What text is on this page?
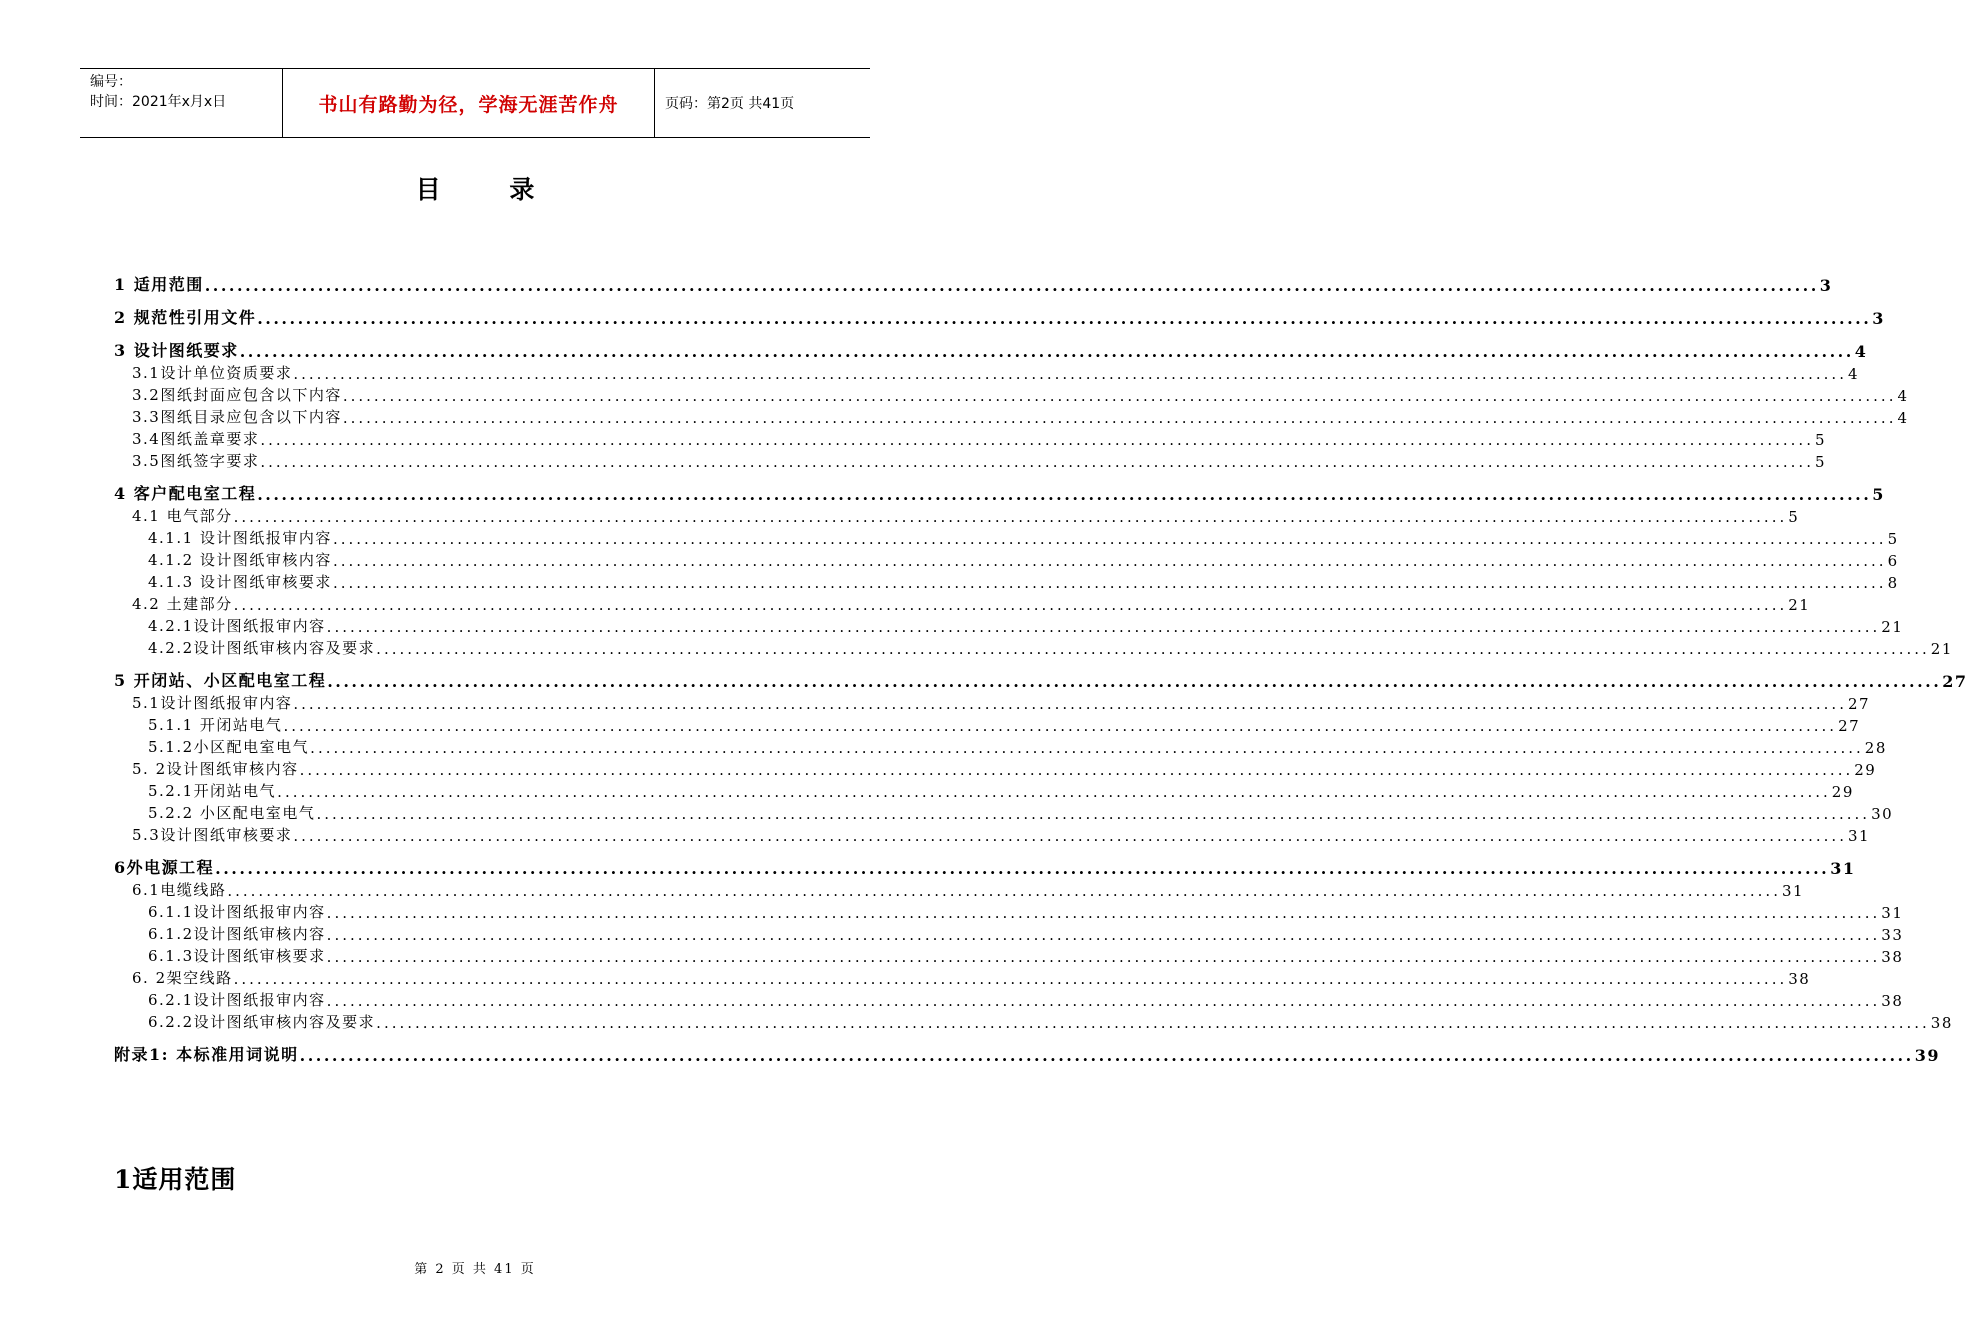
编号：
时间：2021年x月x日	书山有路勤为径，学海无涯苦作舟	页码：第2页 共41页
目 录
1 适用范围 ........................................................................................................................................................................................................ 3
2 规范性引用文件 ........................................................................................................................................................................................................ 3
3 设计图纸要求 ........................................................................................................................................................................................................ 4
3.1设计单位资质要求 ........................................................................................................................................................................................................ 4
3.2图纸封面应包含以下内容 ........................................................................................................................................................................................................ 4
3.3图纸目录应包含以下内容 ........................................................................................................................................................................................................ 4
3.4图纸盖章要求 ........................................................................................................................................................................................................ 5
3.5图纸签字要求 ........................................................................................................................................................................................................ 5
4 客户配电室工程 ........................................................................................................................................................................................................ 5
4.1 电气部分 ........................................................................................................................................................................................................ 5
4.1.1 设计图纸报审内容 ........................................................................................................................................................................................................ 5
4.1.2 设计图纸审核内容 ........................................................................................................................................................................................................ 6
4.1.3 设计图纸审核要求 ........................................................................................................................................................................................................ 8
4.2 土建部分 ........................................................................................................................................................................................................ 21
4.2.1设计图纸报审内容 ........................................................................................................................................................................................................ 21
4.2.2设计图纸审核内容及要求 ........................................................................................................................................................................................................ 21
5 开闭站、小区配电室工程 ........................................................................................................................................................................................................ 27
5.1设计图纸报审内容 ........................................................................................................................................................................................................ 27
5.1.1 开闭站电气 ........................................................................................................................................................................................................ 27
5.1.2小区配电室电气 ........................................................................................................................................................................................................ 28
5. 2设计图纸审核内容 ........................................................................................................................................................................................................ 29
5.2.1开闭站电气 ........................................................................................................................................................................................................ 29
5.2.2 小区配电室电气 ........................................................................................................................................................................................................ 30
5.3设计图纸审核要求 ........................................................................................................................................................................................................ 31
6外电源工程 ........................................................................................................................................................................................................ 31
6.1电缆线路 ........................................................................................................................................................................................................ 31
6.1.1设计图纸报审内容 ........................................................................................................................................................................................................ 31
6.1.2设计图纸审核内容 ........................................................................................................................................................................................................ 33
6.1.3设计图纸审核要求 ........................................................................................................................................................................................................ 38
6. 2架空线路 ........................................................................................................................................................................................................ 38
6.2.1设计图纸报审内容 ........................................................................................................................................................................................................ 38
6.2.2设计图纸审核内容及要求 ........................................................................................................................................................................................................ 38
附录1: 本标准用词说明 ........................................................................................................................................................................................................ 39
1适用范围
第 2 页 共 41 页
